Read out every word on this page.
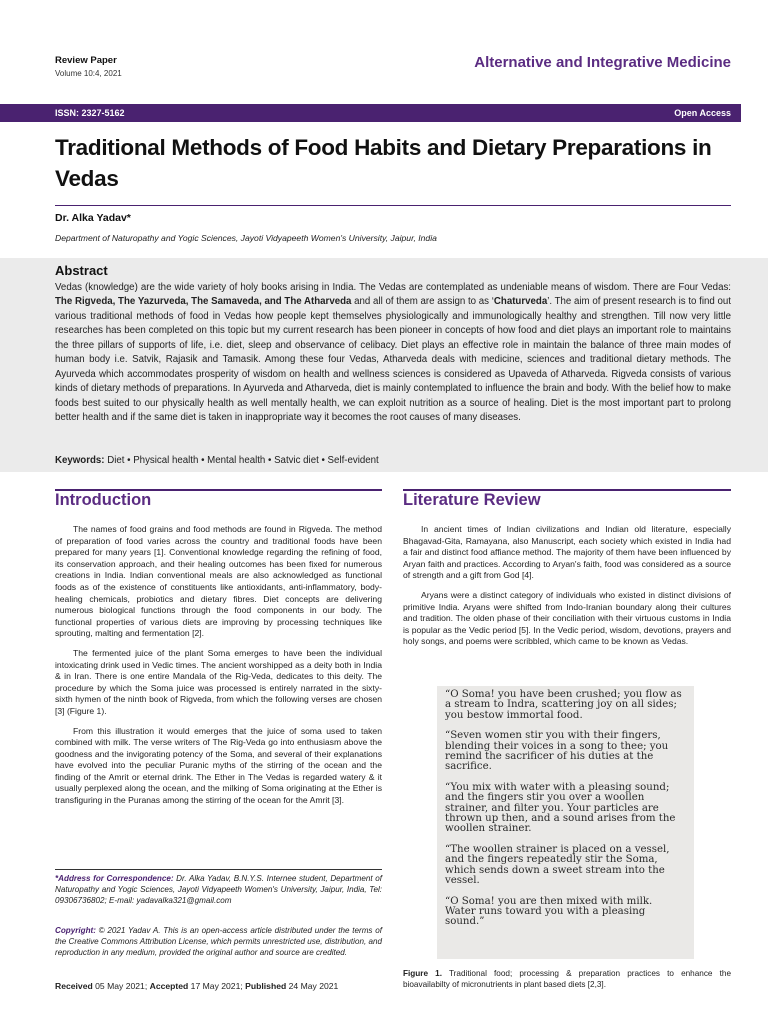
Review Paper
Volume 10:4, 2021
Alternative and Integrative Medicine
ISSN: 2327-5162	Open Access
Traditional Methods of Food Habits and Dietary Preparations in Vedas
Dr. Alka Yadav*
Department of Naturopathy and Yogic Sciences, Jayoti Vidyapeeth Women's University, Jaipur, India
Abstract
Vedas (knowledge) are the wide variety of holy books arising in India. The Vedas are contemplated as undeniable means of wisdom. There are Four Vedas: The Rigveda, The Yazurveda, The Samaveda, and The Atharveda and all of them are assign to as ‘Chaturveda’. The aim of present research is to find out various traditional methods of food in Vedas how people kept themselves physiologically and immunologically healthy and strengthen. Till now very little researches has been completed on this topic but my current research has been pioneer in concepts of how food and diet plays an important role to maintains the three pillars of supports of life, i.e. diet, sleep and observance of celibacy. Diet plays an effective role in maintain the balance of three main modes of human body i.e. Satvik, Rajasik and Tamasik. Among these four Vedas, Atharveda deals with medicine, sciences and traditional dietary methods. The Ayurveda which accommodates prosperity of wisdom on health and wellness sciences is considered as Upaveda of Atharveda. Rigveda consists of various kinds of dietary methods of preparations. In Ayurveda and Atharveda, diet is mainly contemplated to influence the brain and body. With the belief how to make foods best suited to our physically health as well mentally health, we can exploit nutrition as a source of healing. Diet is the most important part to prolong better health and if the same diet is taken in inappropriate way it becomes the root causes of many diseases.
Keywords: Diet • Physical health • Mental health • Satvic diet • Self-evident
Introduction

The names of food grains and food methods are found in Rigveda. The method of preparation of food varies across the country and traditional foods have been prepared for many years [1]. Conventional knowledge regarding the refining of food, its conservation approach, and their healing outcomes has been fixed for numerous creations in India. Indian conventional meals are also acknowledged as functional foods as of the existence of constituents like antioxidants, anti-inflammatory, body- healing chemicals, probiotics and dietary fibres. Diet concepts are delivering numerous biological functions through the food components in our body. The functional properties of various diets are improving by processing techniques like sprouting, malting and fermentation [2].

The fermented juice of the plant Soma emerges to have been the individual intoxicating drink used in Vedic times. The ancient worshipped as a deity both in India & in Iran. There is one entire Mandala of the Rig-Veda, dedicates to this deity. The procedure by which the Soma juice was processed is entirely narrated in the sixty-sixth hymen of the ninth book of Rigveda, from which the following verses are chosen [3] (Figure 1).

From this illustration it would emerges that the juice of soma used to taken combined with milk. The verse writers of The Rig-Veda go into enthusiasm above the goodness and the invigorating potency of the Soma, and several of their explanations have evolved into the peculiar Puranic myths of the stirring of the ocean and the finding of the Amrit or eternal drink. The Ether in The Vedas is regarded watery & it usually perplexed along the ocean, and the milking of Soma originating at the Ether is transfiguring in the Puranas among the stirring of the ocean for the Amrit [3].

*Address for Correspondence: Dr. Alka Yadav, B.N.Y.S. Internee student, Department of Naturopathy and Yogic Sciences, Jayoti Vidyapeeth Women's University, Jaipur, India, Tel: 09306736802; E-mail: yadavalka321@gmail.com
Copyright: © 2021 Yadav A. This is an open-access article distributed under the terms of the Creative Commons Attribution License, which permits unrestricted use, distribution, and reproduction in any medium, provided the original author and source are credited.
Received 05 May 2021; Accepted 17 May 2021; Published 24 May 2021
Literature Review

In ancient times of Indian civilizations and Indian old literature, especially Bhagavad-Gita, Ramayana, also Manuscript, each society which existed in India had a fair and distinct food affiance method. The majority of them have been influenced by Aryan faith and practices. According to Aryan's faith, food was considered as a source of strength and a gift from God [4].

Aryans were a distinct category of individuals who existed in distinct divisions of primitive India. Aryans were shifted from Indo-Iranian boundary along their cultures and tradition. The olden phase of their conciliation with their virtuous customs in India is popular as the Vedic period [5]. In the Vedic period, wisdom, devotions, prayers and holy songs, and poems were scribbled, which came to be known as Vedas.

“O Soma! you have been crushed; you flow as a stream to Indra, scattering joy on all sides; you bestow immortal food.

“Seven women stir you with their fingers, blending their voices in a song to thee; you remind the sacrificer of his duties at the sacrifice.

“You mix with water with a pleasing sound; and the fingers stir you over a woollen strainer, and filter you. Your particles are thrown up then, and a sound arises from the woollen strainer.

“The woollen strainer is placed on a vessel, and the fingers repeatedly stir the Soma, which sends down a sweet stream into the vessel.

“O Soma! you are then mixed with milk. Water runs toward you with a pleasing sound.”

Figure 1. Traditional food; processing & preparation practices to enhance the bioavailabilty of micronutrients in plant based diets [2,3].
